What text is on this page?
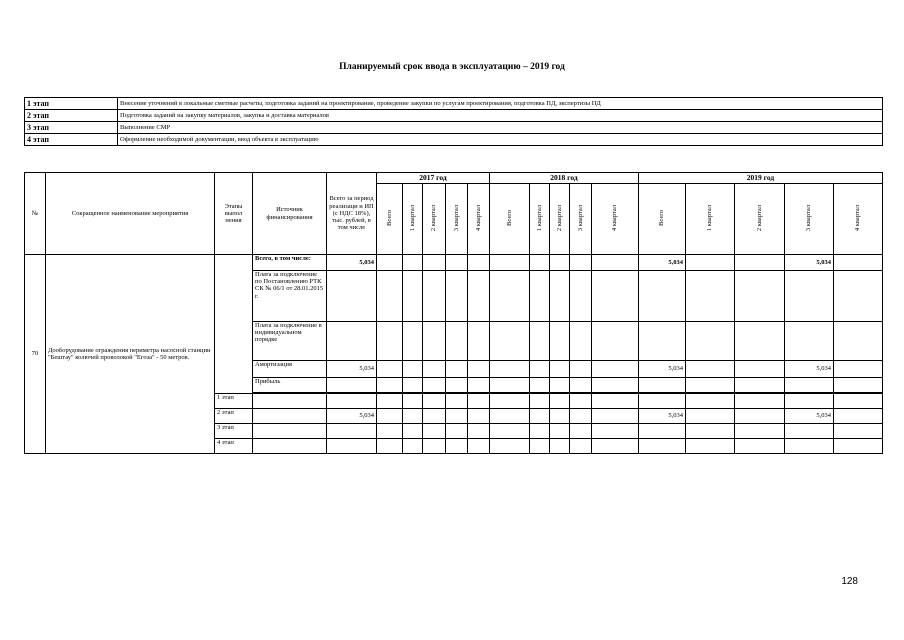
Планируемый срок ввода в эксплуатацию – 2019 год
1 этап	Внесение уточнений в локальные сметные расчеты, подготовка заданий на проектирование, проведение закупки по услугам проектирования, подготовка ПД, экспертизы ПД
2 этап	Подготовка заданий на закупку материалов, закупка и доставка материалов
3 этап	Выполнение СМР
4 этап	Оформление необходимой документации, ввод объекта в эксплуатацию
№	Сокращенное наименование мероприятия	Этапы выпол нения	Источник финансирования	Всего за период реализаци и ИП (с НДС 18%), тыс. рублей, в том числе	2017 год					2018 год					2019 год				
					Всего	1 квартал	2 квартал	3 квартал	4 квартал	Всего	1 квартал	2 квартал	3 квартал	4 квартал	Всего	1 квартал	2 квартал	3 квартал	4 квартал
70	Дооборудование ограждения периметра насосной станции "Бештау" колючей проволокой "Егоза" - 50 метров.		Всего, в том числе:	5,034											5,034			5,034	
			Плата за подключение по Постановлению РТК СК № 06/1 от 28.01.2015 г.																
			Плата за подключение в индивидуальном порядке																
			Амортизация	5,034											5,034			5,034	
			Прибыль																

		1 этап																	
		2 этап		5,034											5,034			5,034	
		3 этап																	
		4 этап																	
128
